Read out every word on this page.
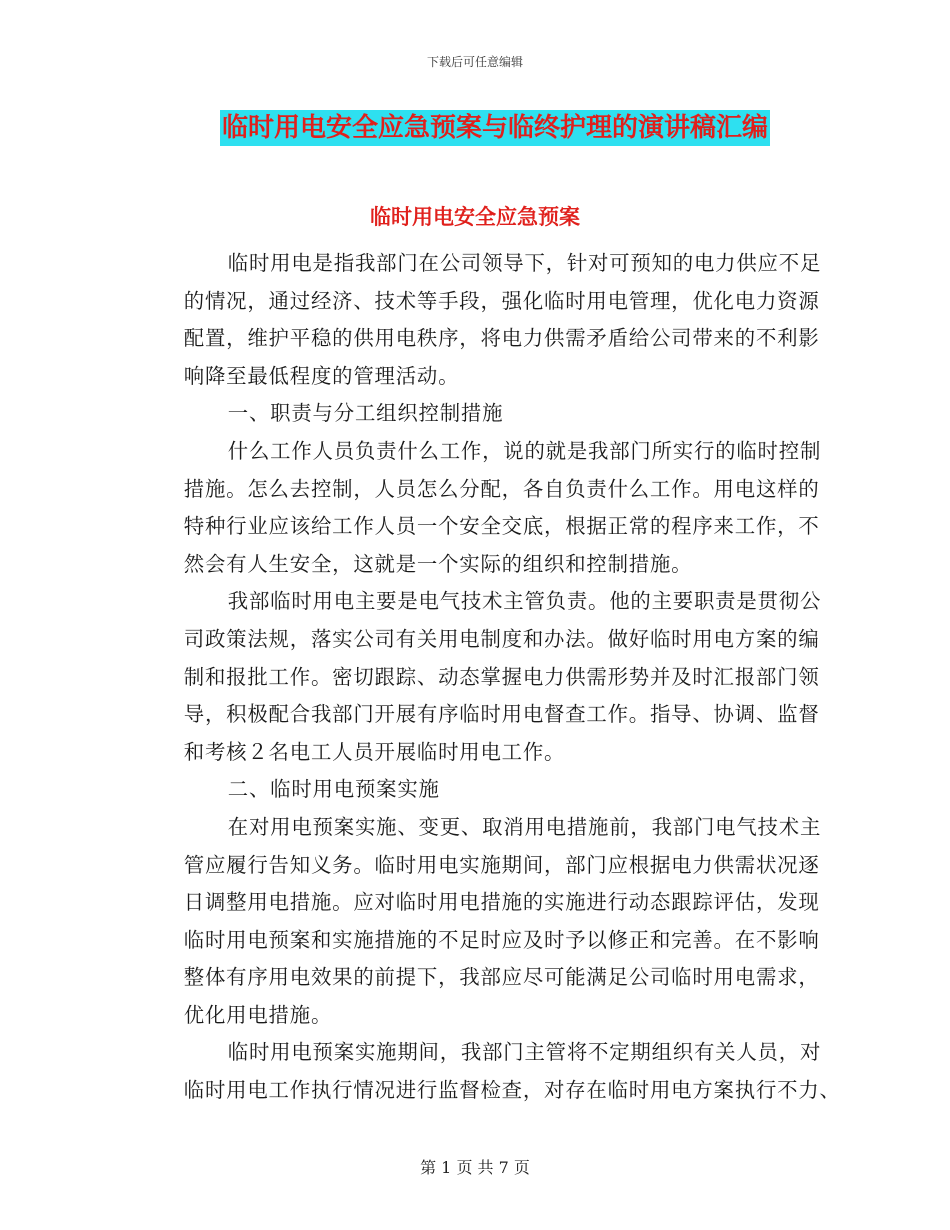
下载后可任意编辑
临时用电安全应急预案与临终护理的演讲稿汇编
临时用电安全应急预案
临时用电是指我部门在公司领导下，针对可预知的电力供应不足
的情况，通过经济、技术等手段，强化临时用电管理，优化电力资源
配置，维护平稳的供用电秩序，将电力供需矛盾给公司带来的不利影
响降至最低程度的管理活动。
一、职责与分工组织控制措施
什么工作人员负责什么工作，说的就是我部门所实行的临时控制
措施。怎么去控制，人员怎么分配，各自负责什么工作。用电这样的
特种行业应该给工作人员一个安全交底，根据正常的程序来工作，不
然会有人生安全，这就是一个实际的组织和控制措施。
我部临时用电主要是电气技术主管负责。他的主要职责是贯彻公
司政策法规，落实公司有关用电制度和办法。做好临时用电方案的编
制和报批工作。密切跟踪、动态掌握电力供需形势并及时汇报部门领
导，积极配合我部门开展有序临时用电督查工作。指导、协调、监督
和考核２名电工人员开展临时用电工作。
二、临时用电预案实施
在对用电预案实施、变更、取消用电措施前，我部门电气技术主
管应履行告知义务。临时用电实施期间，部门应根据电力供需状况逐
日调整用电措施。应对临时用电措施的实施进行动态跟踪评估，发现
临时用电预案和实施措施的不足时应及时予以修正和完善。在不影响
整体有序用电效果的前提下，我部应尽可能满足公司临时用电需求，
优化用电措施。
临时用电预案实施期间，我部门主管将不定期组织有关人员，对
临时用电工作执行情况进行监督检查，对存在临时用电方案执行不力、
第 1 页 共 7 页
